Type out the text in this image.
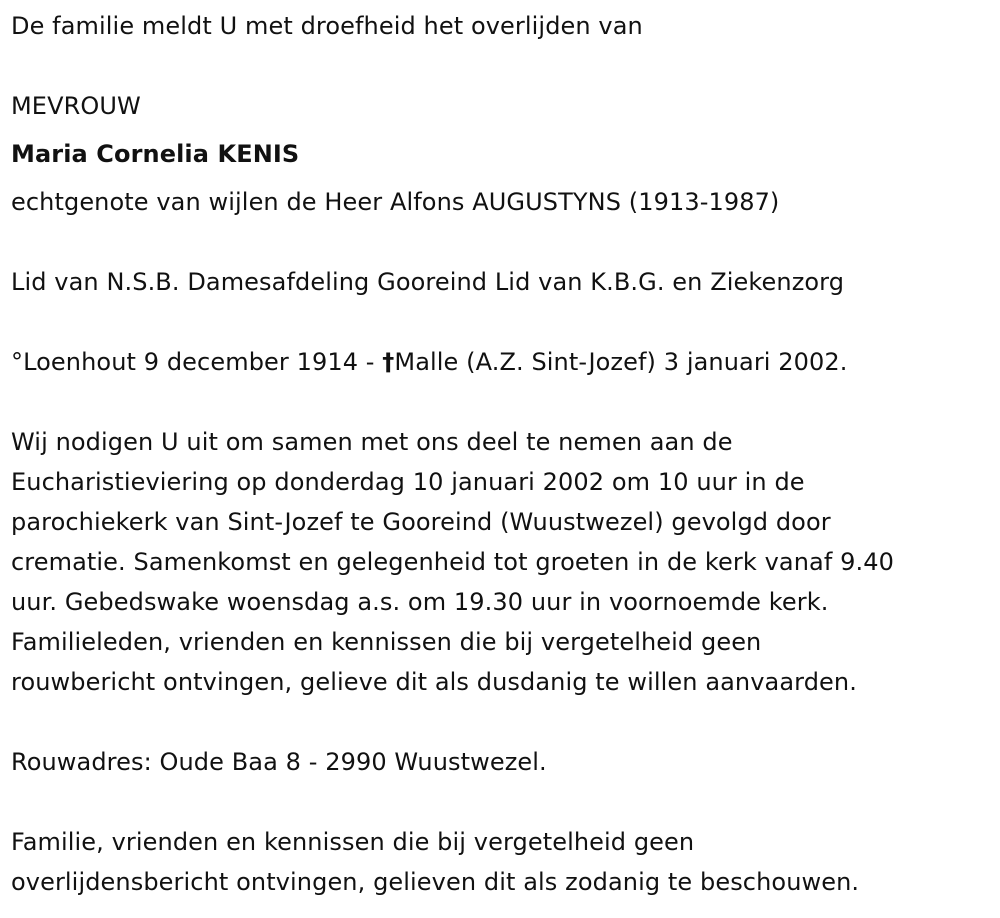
De familie meldt U met droefheid het overlijden van
MEVROUW
Maria Cornelia KENIS
echtgenote van wijlen de Heer Alfons AUGUSTYNS (1913-1987)
Lid van N.S.B. Damesafdeling Gooreind Lid van K.B.G. en Ziekenzorg
°Loenhout 9 december 1914 - †Malle (A.Z. Sint-Jozef) 3 januari 2002.
Wij nodigen U uit om samen met ons deel te nemen aan de
Eucharistieviering op donderdag 10 januari 2002 om 10 uur in de
parochiekerk van Sint-Jozef te Gooreind (Wuustwezel) gevolgd door
crematie. Samenkomst en gelegenheid tot groeten in de kerk vanaf 9.40
uur. Gebedswake woensdag a.s. om 19.30 uur in voornoemde kerk.
Familieleden, vrienden en kennissen die bij vergetelheid geen
rouwbericht ontvingen, gelieve dit als dusdanig te willen aanvaarden.
Rouwadres: Oude Baa 8 - 2990 Wuustwezel.
Familie, vrienden en kennissen die bij vergetelheid geen
overlijdensbericht ontvingen, gelieven dit als zodanig te beschouwen.
